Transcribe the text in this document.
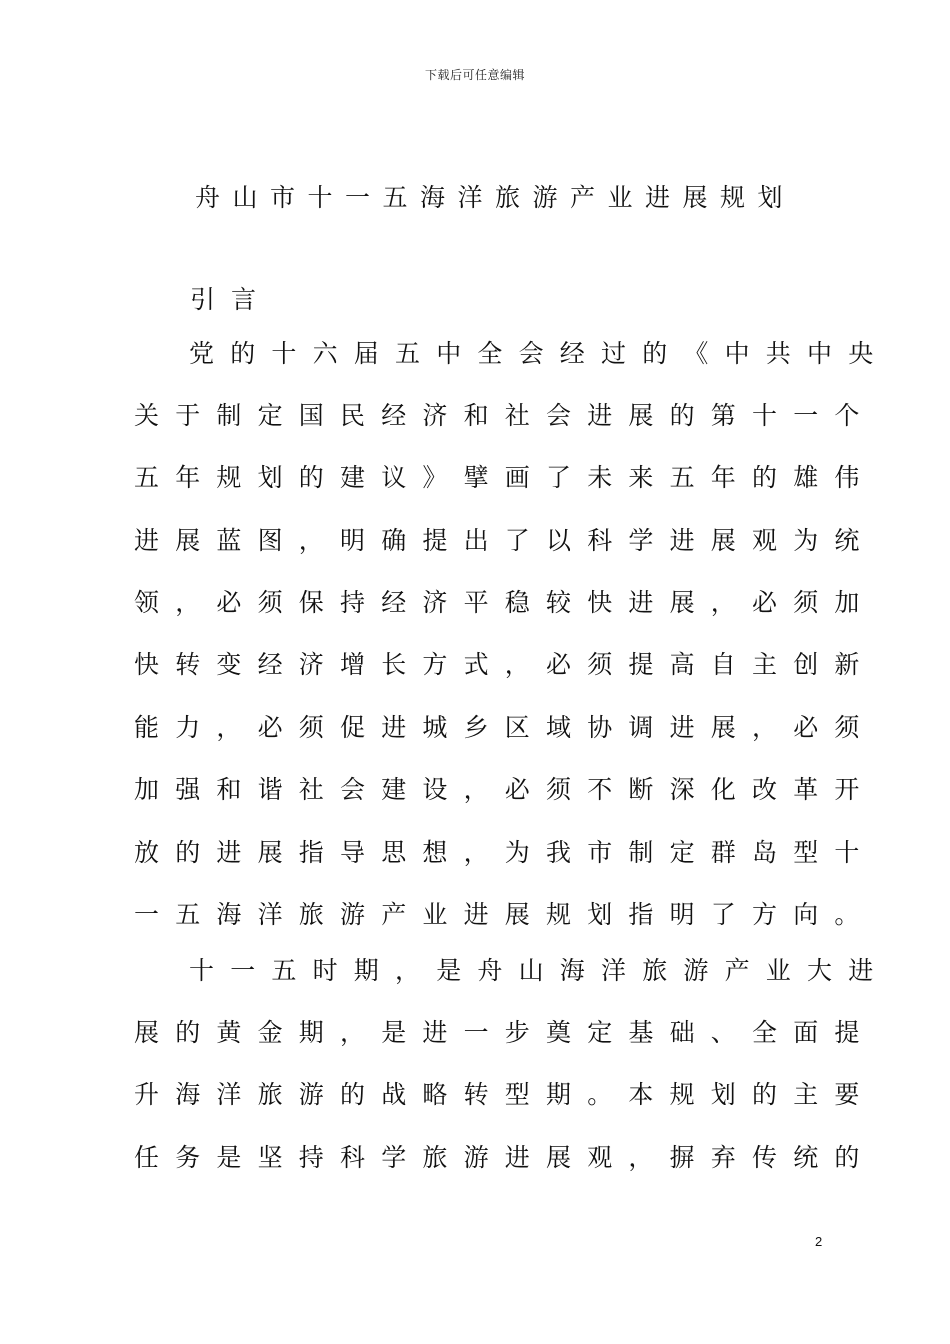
下载后可任意编辑
舟山市十一五海洋旅游产业进展规划
引言
党的十六届五中全会经过的《中共中央
关于制定国民经济和社会进展的第十一个
五年规划的建议》擘画了未来五年的雄伟
进展蓝图，明确提出了以科学进展观为统
领，必须保持经济平稳较快进展，必须加
快转变经济增长方式，必须提高自主创新
能力，必须促进城乡区域协调进展，必须
加强和谐社会建设，必须不断深化改革开
放的进展指导思想，为我市制定群岛型十
一五海洋旅游产业进展规划指明了方向。
十一五时期，是舟山海洋旅游产业大进
展的黄金期，是进一步奠定基础、全面提
升海洋旅游的战略转型期。本规划的主要
任务是坚持科学旅游进展观，摒弃传统的
2
